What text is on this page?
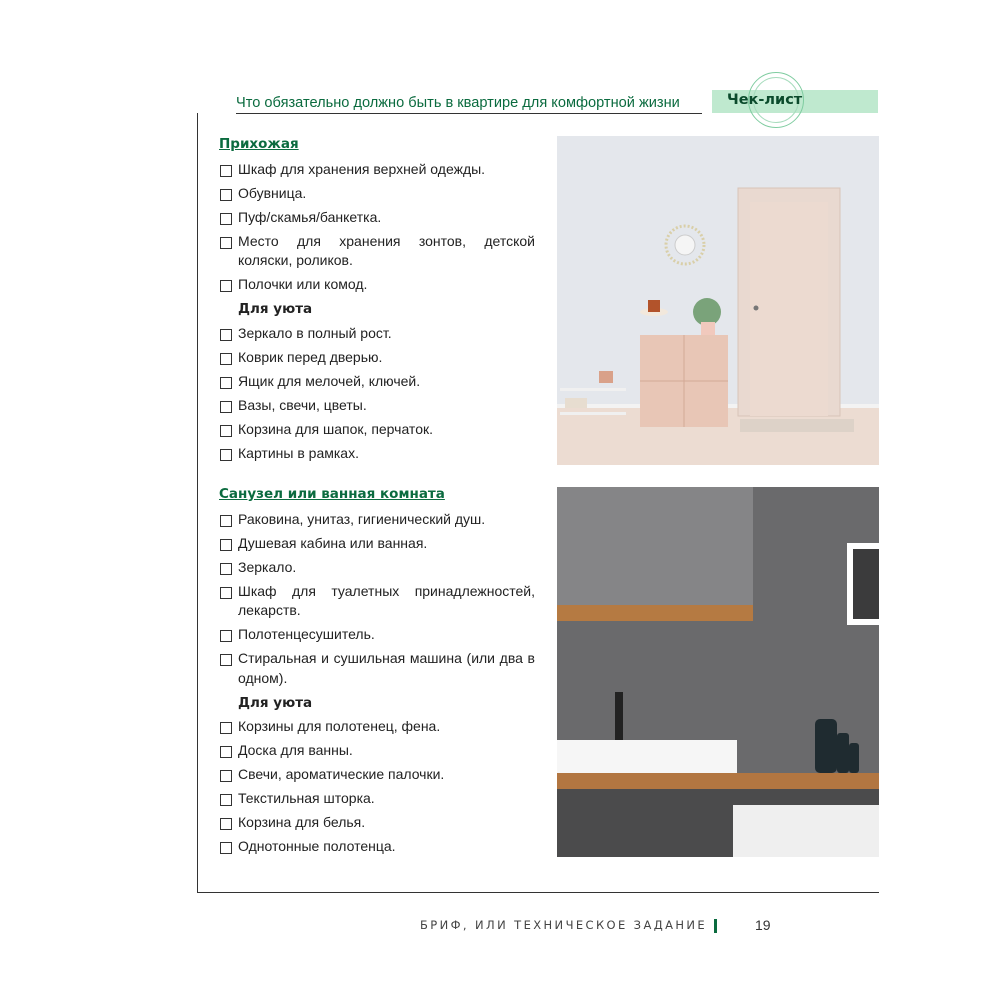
Что обязательно должно быть в квартире для комфортной жизни	Чек-лист
Прихожая
Шкаф для хранения верхней одежды.
Обувница.
Пуф/скамья/банкетка.
Место для хранения зонтов, детской коляски, роликов.
Полочки или комод.
Для уюта
Зеркало в полный рост.
Коврик перед дверью.
Ящик для мелочей, ключей.
Вазы, свечи, цветы.
Корзина для шапок, перчаток.
Картины в рамках.
Санузел или ванная комната
Раковина, унитаз, гигиенический душ.
Душевая кабина или ванная.
Зеркало.
Шкаф для туалетных принадлежностей, лекарств.
Полотенцесушитель.
Стиральная и сушильная машина (или два в одном).
Для уюта
Корзины для полотенец, фена.
Доска для ванны.
Свечи, ароматические палочки.
Текстильная шторка.
Корзина для белья.
Однотонные полотенца.
БРИФ, ИЛИ ТЕХНИЧЕСКОЕ ЗАДАНИЕ	19
